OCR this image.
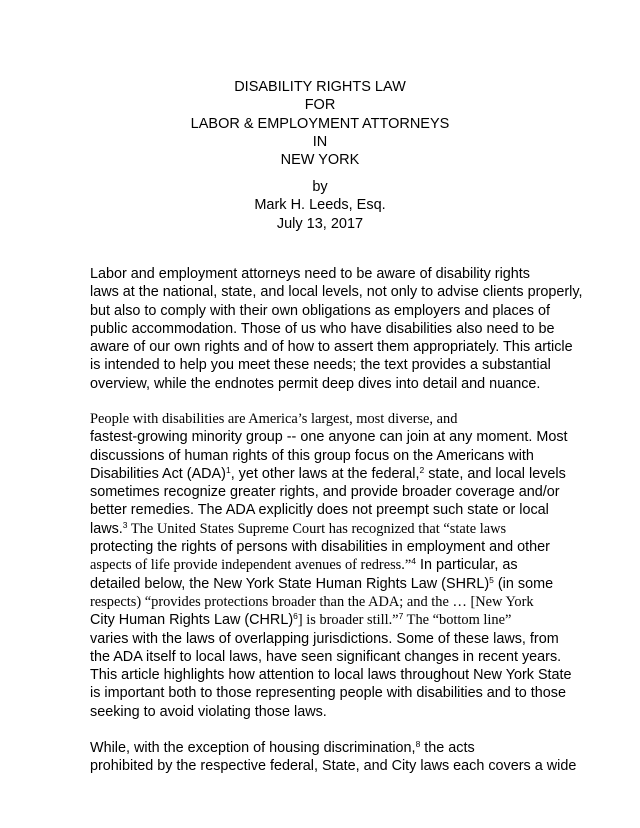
DISABILITY RIGHTS LAW
FOR
LABOR & EMPLOYMENT ATTORNEYS
IN
NEW YORK
by
Mark H. Leeds, Esq.
July 13, 2017
Labor and employment attorneys need to be aware of disability rights
laws at the national, state, and local levels, not only to advise clients properly,
but also to comply with their own obligations as employers and places of
public accommodation. Those of us who have disabilities also need to be
aware of our own rights and of how to assert them appropriately. This article
is intended to help you meet these needs; the text provides a substantial
overview, while the endnotes permit deep dives into detail and nuance.
People with disabilities are America’s largest, most diverse, and
fastest-growing minority group -- one anyone can join at any moment. Most
discussions of human rights of this group focus on the Americans with
Disabilities Act (ADA)$^1$, yet other laws at the federal,$^2$ state, and local levels
sometimes recognize greater rights, and provide broader coverage and/or
better remedies. The ADA explicitly does not preempt such state or local
laws.$^3$ The United States Supreme Court has recognized that “state laws
protecting the rights of persons with disabilities in employment and other
aspects of life provide independent avenues of redress.”$^4$ In particular, as
detailed below, the New York State Human Rights Law (SHRL)$^5$ (in some
respects) “provides protections broader than the ADA; and the … [New York
City Human Rights Law (CHRL)$^6$] is broader still.”$^7$ The “bottom line”
varies with the laws of overlapping jurisdictions. Some of these laws, from
the ADA itself to local laws, have seen significant changes in recent years.
This article highlights how attention to local laws throughout New York State
is important both to those representing people with disabilities and to those
seeking to avoid violating those laws.
While, with the exception of housing discrimination,$^8$ the acts
prohibited by the respective federal, State, and City laws each covers a wide
